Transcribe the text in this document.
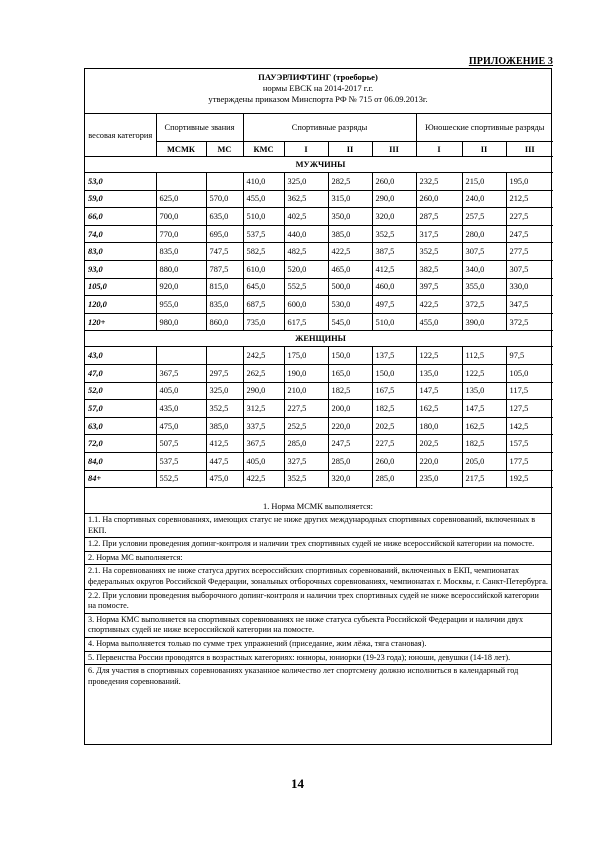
ПРИЛОЖЕНИЕ 3
ПАУЭРЛИФТИНГ (троеборье)
нормы ЕВСК на 2014-2017 г.г.
утверждены приказом Минспорта РФ № 715 от 06.09.2013г.
весовая категория	Спортивные звания		Спортивные разряды				Юношеские спортивные разряды		
	МСМК	МС	КМС	I	II	III	I	II	III
МУЖЧИНЫ									
53,0			410,0	325,0	282,5	260,0	232,5	215,0	195,0
59,0	625,0	570,0	455,0	362,5	315,0	290,0	260,0	240,0	212,5
66,0	700,0	635,0	510,0	402,5	350,0	320,0	287,5	257,5	227,5
74,0	770,0	695,0	537,5	440,0	385,0	352,5	317,5	280,0	247,5
83,0	835,0	747,5	582,5	482,5	422,5	387,5	352,5	307,5	277,5
93,0	880,0	787,5	610,0	520,0	465,0	412,5	382,5	340,0	307,5
105,0	920,0	815,0	645,0	552,5	500,0	460,0	397,5	355,0	330,0
120,0	955,0	835,0	687,5	600,0	530,0	497,5	422,5	372,5	347,5
120+	980,0	860,0	735,0	617,5	545,0	510,0	455,0	390,0	372,5
ЖЕНЩИНЫ									
43,0			242,5	175,0	150,0	137,5	122,5	112,5	97,5
47,0	367,5	297,5	262,5	190,0	165,0	150,0	135,0	122,5	105,0
52,0	405,0	325,0	290,0	210,0	182,5	167,5	147,5	135,0	117,5
57,0	435,0	352,5	312,5	227,5	200,0	182,5	162,5	147,5	127,5
63,0	475,0	385,0	337,5	252,5	220,0	202,5	180,0	162,5	142,5
72,0	507,5	412,5	367,5	285,0	247,5	227,5	202,5	182,5	157,5
84,0	537,5	447,5	405,0	327,5	285,0	260,0	220,0	205,0	177,5
84+	552,5	475,0	422,5	352,5	320,0	285,0	235,0	217,5	192,5
1. Норма МСМК выполняется:
1.1. На спортивных соревнованиях, имеющих статус не ниже других международных спортивных соревнований, включенных в ЕКП.
1.2. При условии проведения допинг-контроля и наличии трех спортивных судей не ниже всероссийской категории на помосте.
2. Норма МС выполняется:
2.1. На соревнованиях не ниже статуса других всероссийских спортивных соревнований, включенных в ЕКП, чемпионатах федеральных округов Российской Федерации, зональных отборочных соревнованиях, чемпионатах г. Москвы, г. Санкт-Петербурга.
2.2. При условии проведения выборочного допинг-контроля и наличии трех спортивных судей не ниже всероссийской категории на помосте.
3. Норма КМС выполняется на спортивных соревнованиях не ниже статуса субъекта Российской Федерации и наличии двух спортивных судей не ниже всероссийской категории на помосте.
4. Норма выполняется только по сумме трех упражнений (приседание, жим лёжа, тяга становая).
5. Первенства России проводятся в возрастных категориях: юниоры, юниорки (19-23 года); юноши, девушки (14-18 лет).
6. Для участия в спортивных соревнованиях указанное количество лет спортсмену должно исполниться в календарный год проведения соревнований.
14
